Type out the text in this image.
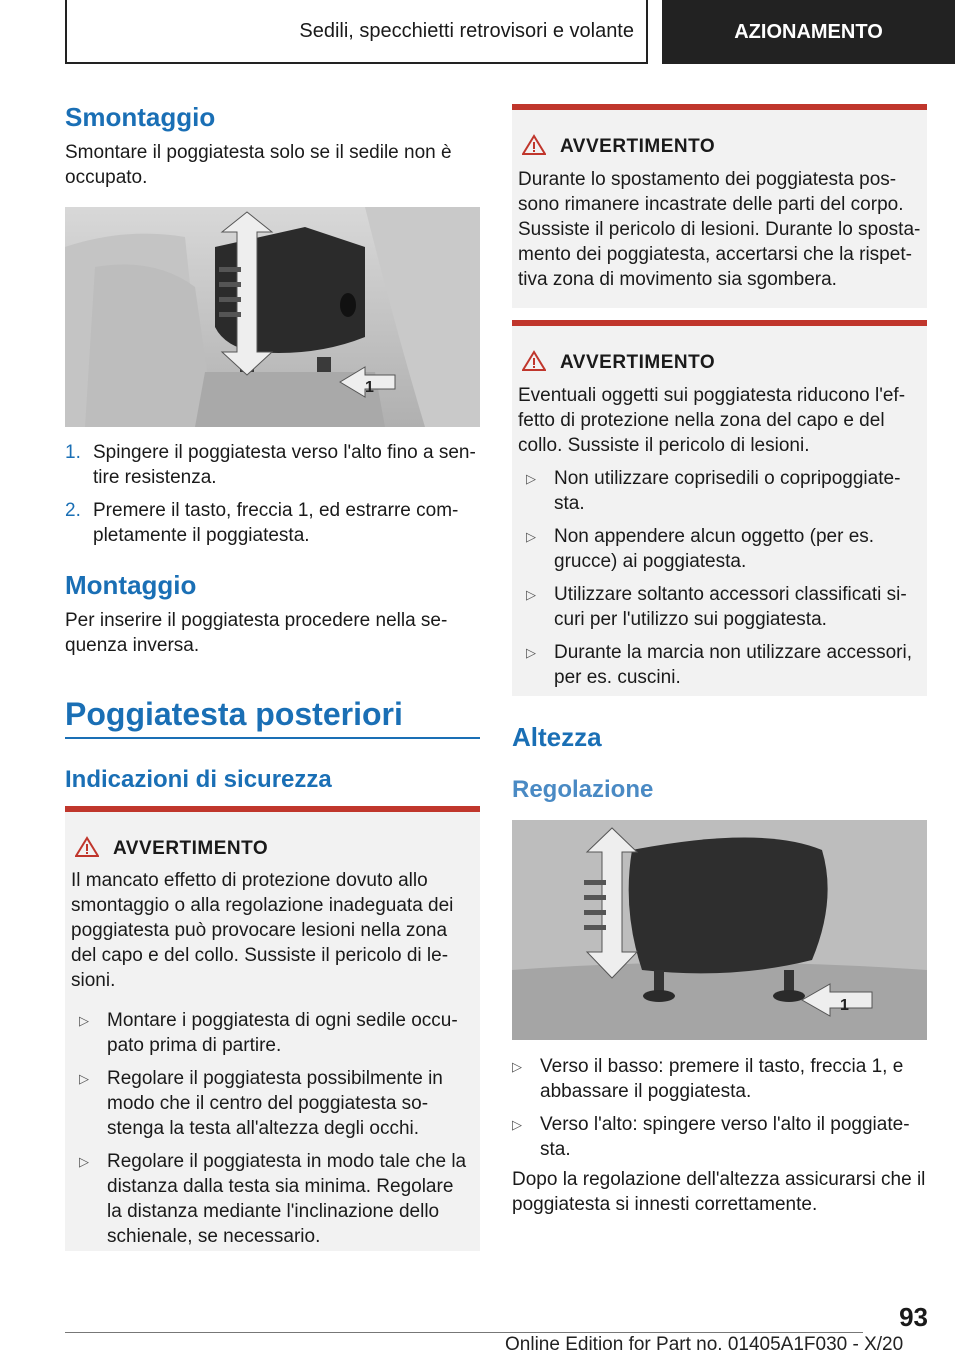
Sedili, specchietti retrovisori e volante	AZIONAMENTO
Smontaggio
Smontare il poggiatesta solo se il sedile non è occupato.
1
1. Spingere il poggiatesta verso l'alto fino a sen-tire resistenza.
2. Premere il tasto, freccia 1, ed estrarre com-pletamente il poggiatesta.
Montaggio
Per inserire il poggiatesta procedere nella se-quenza inversa.
Poggiatesta posteriori
Indicazioni di sicurezza
AVVERTIMENTO
Il mancato effetto di protezione dovuto allo smontaggio o alla regolazione inadeguata dei poggiatesta può provocare lesioni nella zona del capo e del collo. Sussiste il pericolo di le-sioni.
▷ Montare i poggiatesta di ogni sedile occu-pato prima di partire.
▷ Regolare il poggiatesta possibilmente in modo che il centro del poggiatesta so-stenga la testa all'altezza degli occhi.
▷ Regolare il poggiatesta in modo tale che la distanza dalla testa sia minima. Regolare la distanza mediante l'inclinazione dello schienale, se necessario.
AVVERTIMENTO
Durante lo spostamento dei poggiatesta pos-sono rimanere incastrate delle parti del corpo. Sussiste il pericolo di lesioni. Durante lo sposta-mento dei poggiatesta, accertarsi che la rispet-tiva zona di movimento sia sgombera.
AVVERTIMENTO
Eventuali oggetti sui poggiatesta riducono l'ef-fetto di protezione nella zona del capo e del collo. Sussiste il pericolo di lesioni.
▷ Non utilizzare coprisedili o copripoggiate-sta.
▷ Non appendere alcun oggetto (per es. grucce) ai poggiatesta.
▷ Utilizzare soltanto accessori classificati si-curi per l'utilizzo sui poggiatesta.
▷ Durante la marcia non utilizzare accessori, per es. cuscini.
Altezza
Regolazione
1
▷ Verso il basso: premere il tasto, freccia 1, e abbassare il poggiatesta.
▷ Verso l'alto: spingere verso l'alto il poggiate-sta.
Dopo la regolazione dell'altezza assicurarsi che il poggiatesta si innesti correttamente.
93
Online Edition for Part no. 01405A1F030 - X/20
